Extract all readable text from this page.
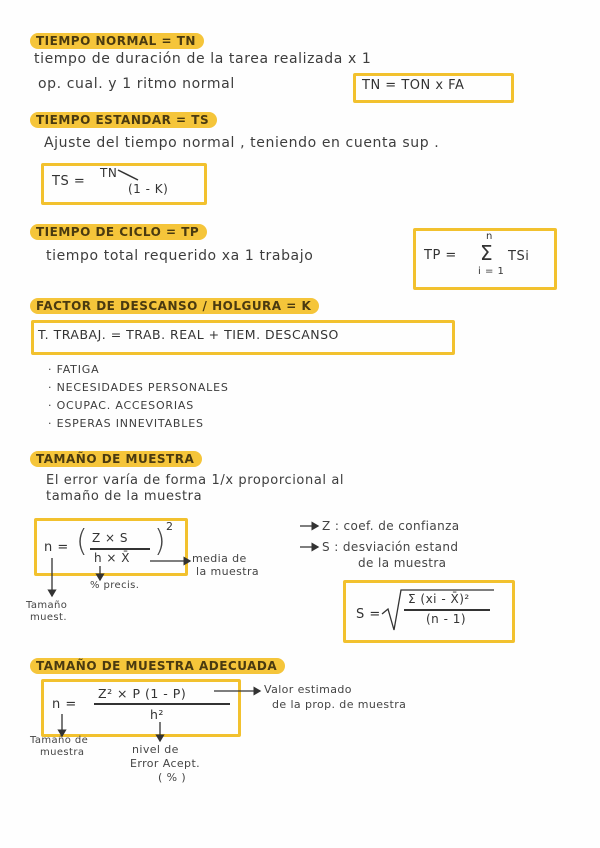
TIEMPO NORMAL = TN
tiempo de duración de la tarea realizada x 1
op. cual. y 1 ritmo normal	TN = TON x FA
TIEMPO ESTANDAR = TS
Ajuste del tiempo normal , teniendo en cuenta sup .
TS =
TN
(1 - K)
TIEMPO DE CICLO = TP
tiempo total requerido xa 1 trabajo	TP =
n
Σ
i = 1
TSi
FACTOR DE DESCANSO / HOLGURA = K
T. TRABAJ. = TRAB. REAL + TIEM. DESCANSO
· FATIGA
· NECESIDADES PERSONALES
· OCUPAC. ACCESORIAS
· ESPERAS INNEVITABLES
TAMAÑO DE MUESTRA
El error varía de forma 1/x proporcional al
tamaño de la muestra
n = ( Z × S
h × X̄ ) 2
media de
la muestra
% precis.
Tamaño
muest.
Z : coef. de confianza
S : desviación estand
de la muestra
S =
Σ (xi - X̄)²
(n - 1)
TAMAÑO DE MUESTRA ADECUADA
n =
Z² × P (1 - P)
h²
Valor estimado
de la prop. de muestra
Tamaño de
muestra	nivel de
Error Acept.
( % )
